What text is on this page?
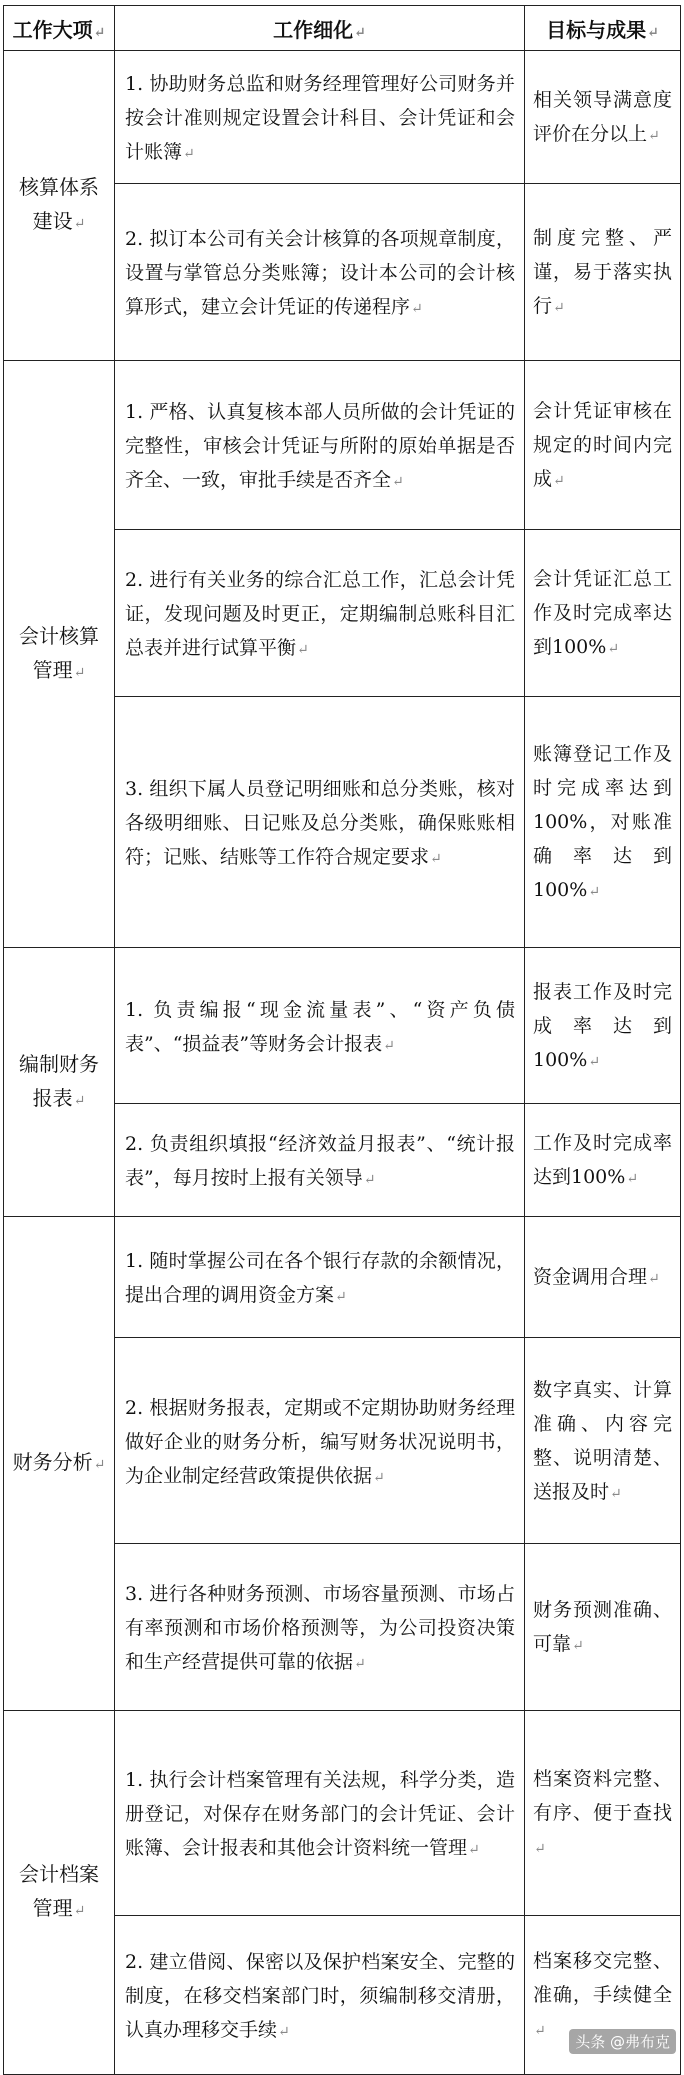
工作大项↵	工作细化↵	目标与成果↵
核算体系建设↵	1. 协助财务总监和财务经理管理好公司财务并按会计准则规定设置会计科目、会计凭证和会计账簿↵	相关领导满意度评价在分以上↵
	2. 拟订本公司有关会计核算的各项规章制度，设置与掌管总分类账簿；设计本公司的会计核算形式，建立会计凭证的传递程序↵	制度完整、严谨，易于落实执行↵
会计核算管理↵	1. 严格、认真复核本部人员所做的会计凭证的完整性，审核会计凭证与所附的原始单据是否齐全、一致，审批手续是否齐全↵	会计凭证审核在规定的时间内完成↵
	2. 进行有关业务的综合汇总工作，汇总会计凭证，发现问题及时更正，定期编制总账科目汇总表并进行试算平衡↵	会计凭证汇总工作及时完成率达到100%↵
	3. 组织下属人员登记明细账和总分类账，核对各级明细账、日记账及总分类账，确保账账相符；记账、结账等工作符合规定要求↵	账簿登记工作及时完成率达到100%，对账准确率达到100%↵
编制财务报表↵	1. 负责编报“现金流量表”、“资产负债表”、“损益表”等财务会计报表↵	报表工作及时完成率达到100%↵
	2. 负责组织填报“经济效益月报表”、“统计报表”，每月按时上报有关领导↵	工作及时完成率达到100%↵
财务分析↵	1. 随时掌握公司在各个银行存款的余额情况，提出合理的调用资金方案↵	资金调用合理↵
	2. 根据财务报表，定期或不定期协助财务经理做好企业的财务分析，编写财务状况说明书，为企业制定经营政策提供依据↵	数字真实、计算准确、内容完整、说明清楚、送报及时↵
	3. 进行各种财务预测、市场容量预测、市场占有率预测和市场价格预测等，为公司投资决策和生产经营提供可靠的依据↵	财务预测准确、可靠↵
会计档案管理↵	1. 执行会计档案管理有关法规，科学分类，造册登记，对保存在财务部门的会计凭证、会计账簿、会计报表和其他会计资料统一管理↵	档案资料完整、有序、便于查找↵
	2. 建立借阅、保密以及保护档案安全、完整的制度，在移交档案部门时，须编制移交清册，认真办理移交手续↵	档案移交完整、准确，手续健全↵
头条 @弗布克
